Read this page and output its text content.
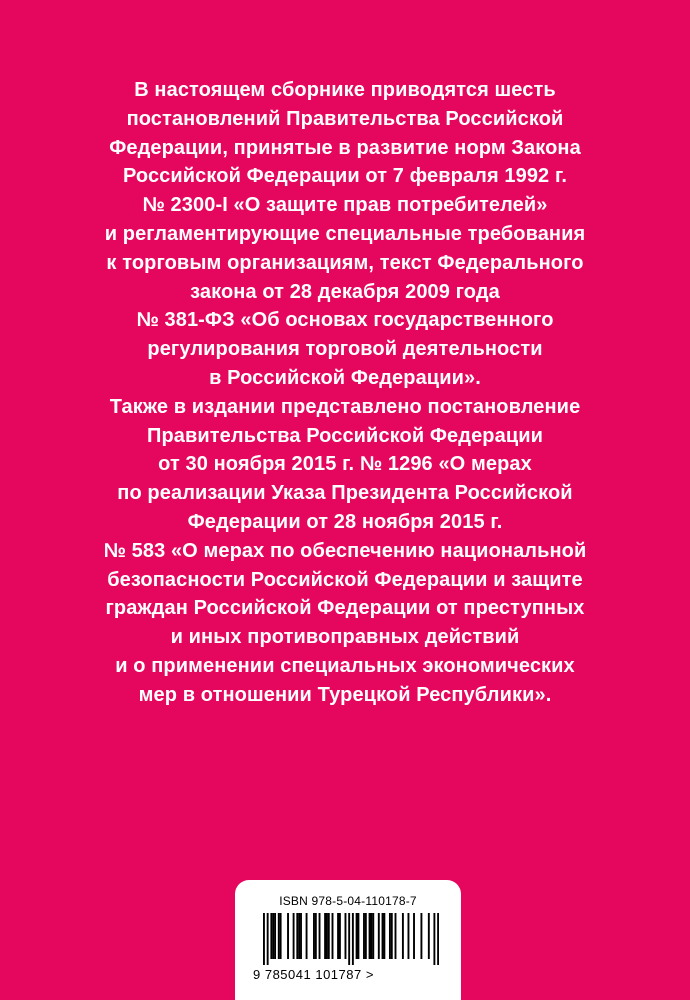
В настоящем сборнике приводятся шесть
постановлений Правительства Российской
Федерации, принятые в развитие норм Закона
Российской Федерации от 7 февраля 1992 г.
№ 2300-I «О защите прав потребителей»
и регламентирующие специальные требования
к торговым организациям, текст Федерального
закона от 28 декабря 2009 года
№ 381-ФЗ «Об основах государственного
регулирования торговой деятельности
в Российской Федерации».
Также в издании представлено постановление
Правительства Российской Федерации
от 30 ноября 2015 г. № 1296 «О мерах
по реализации Указа Президента Российской
Федерации от 28 ноября 2015 г.
№ 583 «О мерах по обеспечению национальной
безопасности Российской Федерации и защите
граждан Российской Федерации от преступных
и иных противоправных действий
и о применении специальных экономических
мер в отношении Турецкой Республики».
ISBN 978-5-04-110178-7
9 785041 101787 >
